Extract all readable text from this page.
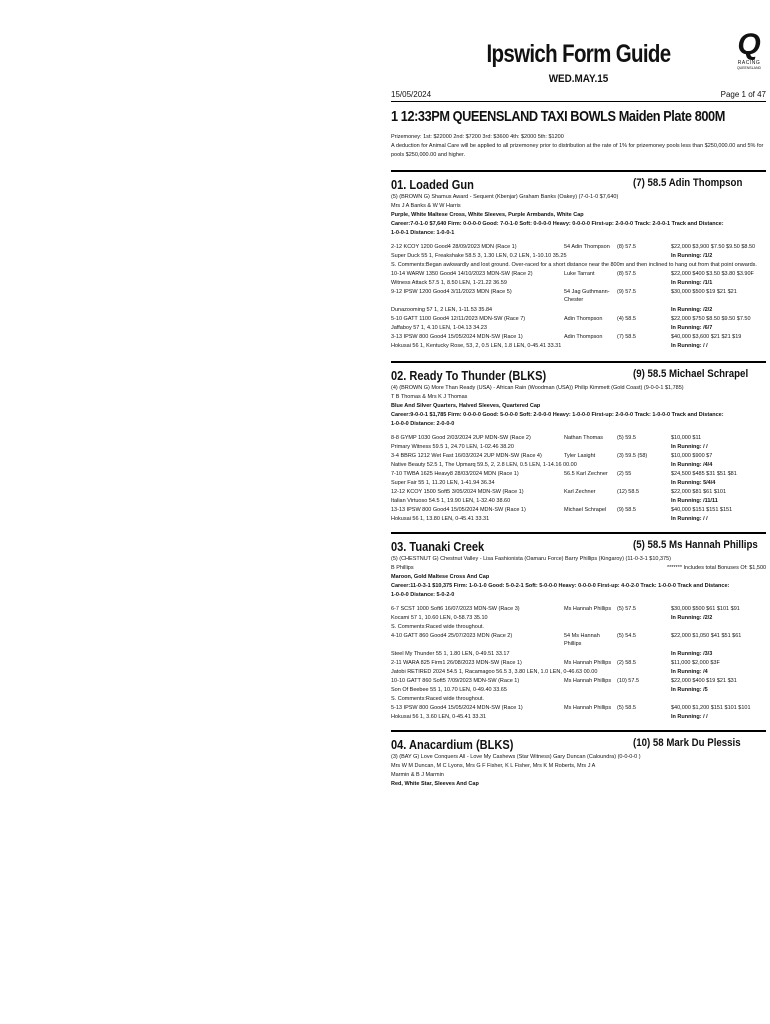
Q
RACING
QUEENSLAND
Ipswich Form Guide
WED.MAY.15
15/05/2024	Page 1 of 47
1 12:33PM QUEENSLAND TAXI BOWLS Maiden Plate 800M
Prizemoney: 1st: $22000 2nd: $7200 3rd: $3600 4th: $2000 5th: $1200
A deduction for Animal Care will be applied to all prizemoney prior to distribution at the rate of 1% for prizemoney pools less than $250,000.00 and 5% for
pools $250,000.00 and higher.
01. Loaded Gun	(7) 58.5 Adin Thompson
(5) (BROWN G) Shamus Award - Sequent (Kbenjar) Graham Banks (Oakey) (7-0-1-0 $7,640)
Mrs J A Banks & W W Harris
Purple, White Maltese Cross, White Sleeves, Purple Armbands, White Cap
Career:7-0-1-0 $7,640 Firm: 0-0-0-0 Good: 7-0-1-0 Soft: 0-0-0-0 Heavy: 0-0-0-0 First-up: 2-0-0-0 Track: 2-0-0-1 Track and Distance:
1-0-0-1 Distance: 1-0-0-1
2-12 KCOY 1200 Good4 28/09/2023 MDN (Race 1)	54 Adin Thompson (8) 57.5	$22,000 $3,900 $7.50 $9.50 $8.50
Super Duck 55 1, Freakshake 58.5 3, 1.30 LEN, 0.2 LEN, 1-10.10 35.25	In Running: /1/2
S. Comments:Began awkwardly and lost ground. Over-raced for a short distance near the 800m and then inclined to hang out from that point onwards.
10-14 WARW 1350 Good4 14/10/2023 MDN-SW (Race 2)	Luke Tarrant	(8) 57.5	$22,000 $400 $3.50 $3.80 $3.90F
Witness Attack 57.5 1, 8.50 LEN, 1-21.22 36.59	In Running: /1/1
9-12 IPSW 1200 Good4 3/11/2023 MDN (Race 5)	54 Jag Guthmann-Chester
(9) 57.5	$30,000 $500 $19 $21 $21
Dunazooming 57 1, 2 LEN, 1-11.53 35.84	In Running: /2/2
5-10 GATT 1100 Good4 12/11/2023 MDN-SW (Race 7)	Adin Thompson	(4) 58.5	$22,000 $750 $8.50 $9.50 $7.50
Jaffaboy 57 1, 4.10 LEN, 1-04.13 34.23	In Running: /6/7
3-13 IPSW 800 Good4 15/05/2024 MDN-SW (Race 1)	Adin Thompson	(7) 58.5	$40,000 $3,600 $21 $21 $19
Hokusai 56 1, Kentucky Rose, 53, 2, 0.5 LEN, 1.8 LEN, 0-45.41 33.31	In Running: / /
02. Ready To Thunder (BLKS)	(9) 58.5 Michael Schrapel
(4) (BROWN G) More Than Ready (USA) - African Rain (Woodman (USA)) Philip Kimmett (Gold Coast) (9-0-0-1 $1,785)
T B Thomas & Mrs K J Thomas
Blue And Silver Quarters, Halved Sleeves, Quartered Cap
Career:9-0-0-1 $1,785 Firm: 0-0-0-0 Good: 5-0-0-0 Soft: 2-0-0-0 Heavy: 1-0-0-0 First-up: 2-0-0-0 Track: 1-0-0-0 Track and Distance:
1-0-0-0 Distance: 2-0-0-0
8-8 GYMP 1030 Good 2/03/2024 2UP MDN-SW (Race 2)	Nathan Thomas	(5) 59.5	$10,000 $11
Primary Witness 59.5 1, 24.70 LEN, 1-02.46 38.20	In Running: / /
3-4 BBRG 1212 Wet Fast 16/03/2024 2UP MDN-SW (Race 4)	Tyler Lasight	(3) 59.5 (58)	$10,000 $900 $7
Native Beauty 52.5 1, The Upmarq 59.5, 2, 2.8 LEN, 0.5 LEN, 1-14.16 00.00	In Running: /4/4
7-10 TWBA 1625 Heavy8 28/03/2024 MDN (Race 1)	56.5 Karl Zechner (2) 55	$24,500 $485 $31 $51 $81
Super Fair 55 1, 11.20 LEN, 1-41.94 36.34	In Running: 5/4/4
12-12 KCOY 1500 Soft5 3/05/2024 MDN-SW (Race 1)	Karl Zechner	(12) 58.5	$22,000 $81 $61 $101
Italian Virtuoso 54.5 1, 19.90 LEN, 1-32.40 38.60	In Running: /11/11
13-13 IPSW 800 Good4 15/05/2024 MDN-SW (Race 1)	Michael Schrapel (9) 58.5	$40,000 $151 $151 $151
Hokusai 56 1, 13.80 LEN, 0-45.41 33.31	In Running: / /
03. Tuanaki Creek	(5) 58.5 Ms Hannah Phillips
(5) (CHESTNUT G) Chestnut Valley - Lisa Fashionista (Oamaru Force) Barry Phillips (Kingaroy) (11-0-3-1 $10,375)
B Phillips	******* Includes total Bonuses Of: $1,500
Maroon, Gold Maltese Cross And Cap
Career:11-0-3-1 $10,375 Firm: 1-0-1-0 Good: 5-0-2-1 Soft: 5-0-0-0 Heavy: 0-0-0-0 First-up: 4-0-2-0 Track: 1-0-0-0 Track and Distance:
1-0-0-0 Distance: 5-0-2-0
6-7 SCST 1000 Soft6 16/07/2023 MDN-SW (Race 3)	Ms Hannah Phillips (5) 57.5	$30,000 $500 $61 $101 $91
Kocami 57 1, 10.60 LEN, 0-58.73 35.10	In Running: /2/2
S. Comments:Raced wide throughout.
4-10 GATT 860 Good4 25/07/2023 MDN (Race 2)	54 Ms Hannah Phillips
(5) 54.5	$22,000 $1,050 $41 $51 $61
Steel My Thunder 55 1, 1.80 LEN, 0-49.51 33.17	In Running: /3/3
2-11 WARA 825 Firm1 26/08/2023 MDN-SW (Race 1)	Ms Hannah Phillips (2) 58.5	$11,000 $2,000 $3F
Jatobi RETIRED 2024 54.5 1, Racamagoo 56.5 3, 3.80 LEN, 1.0 LEN, 0-46.63 00.00	In Running: /4
10-10 GATT 860 Soft5 7/09/2023 MDN-SW (Race 1)	Ms Hannah Phillips (10) 57.5	$22,000 $400 $19 $21 $31
Son Of Beebee 55 1, 10.70 LEN, 0-49.40 33.65	In Running: /5
S. Comments:Raced wide throughout.
5-13 IPSW 800 Good4 15/05/2024 MDN-SW (Race 1)	Ms Hannah Phillips (5) 58.5	$40,000 $1,200 $151 $101 $101
Hokusai 56 1, 3.60 LEN, 0-45.41 33.31	In Running: / /
04. Anacardium (BLKS)	(10) 58 Mark Du Plessis
(3) (BAY G) Love Conquers All - Love My Cashews (Star Witness) Gary Duncan (Caloundra) (0-0-0-0 )
Mrs W M Duncan, M C Lyons, Mrs G F Fisher, K L Fisher, Mrs K M Roberts, Mrs J A
Marmin & B J Marmin
Red, White Star, Sleeves And Cap
